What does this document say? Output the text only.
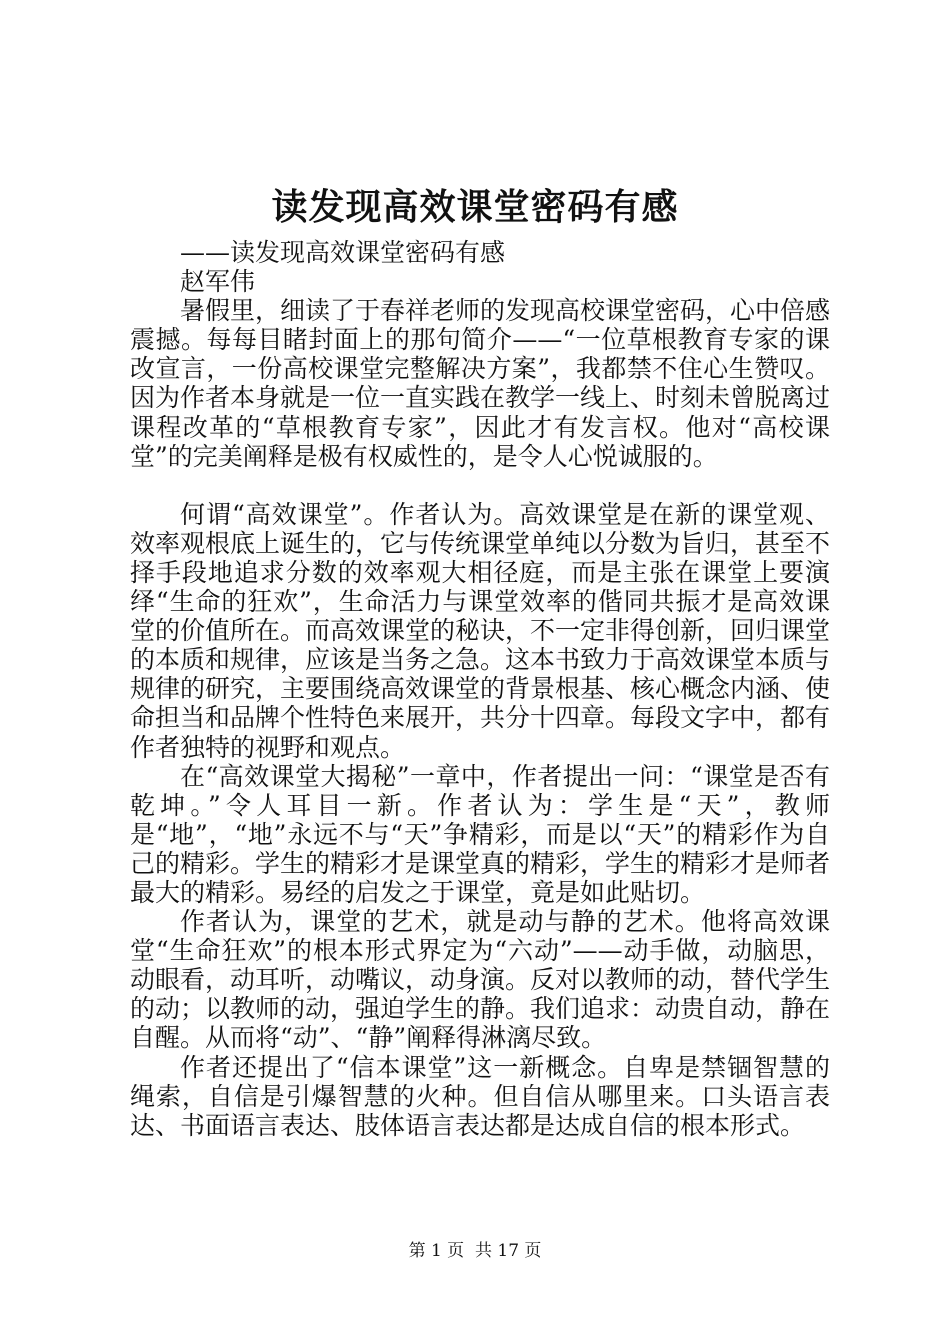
读发现高效课堂密码有感

——读发现高效课堂密码有感

赵军伟

暑假里，细读了于春祥老师的发现高校课堂密码，心中倍感震撼。每每目睹封面上的那句简介——“一位草根教育专家的课改宣言，一份高校课堂完整解决方案”，我都禁不住心生赞叹。因为作者本身就是一位一直实践在教学一线上、时刻未曾脱离过课程改革的“草根教育专家”，因此才有发言权。他对“高校课堂”的完美阐释是极有权威性的，是令人心悦诚服的。

何谓“高效课堂”。作者认为。高效课堂是在新的课堂观、效率观根底上诞生的，它与传统课堂单纯以分数为旨归，甚至不择手段地追求分数的效率观大相径庭，而是主张在课堂上要演绎“生命的狂欢”，生命活力与课堂效率的偕同共振才是高效课堂的价值所在。而高效课堂的秘诀，不一定非得创新，回归课堂的本质和规律，应该是当务之急。这本书致力于高效课堂本质与规律的研究，主要围绕高效课堂的背景根基、核心概念内涵、使命担当和品牌个性特色来展开，共分十四章。每段文字中，都有作者独特的视野和观点。

在“高效课堂大揭秘”一章中，作者提出一问：“课堂是否有乾坤。”令人耳目一新。作者认为：学生是“天”，教师是“地”，“地”永远不与“天”争精彩，而是以“天”的精彩作为自己的精彩。学生的精彩才是课堂真的精彩，学生的精彩才是师者最大的精彩。易经的启发之于课堂，竟是如此贴切。

作者认为，课堂的艺术，就是动与静的艺术。他将高效课堂“生命狂欢”的根本形式界定为“六动”——动手做，动脑思，动眼看，动耳听，动嘴议，动身演。反对以教师的动，替代学生的动；以教师的动，强迫学生的静。我们追求：动贵自动，静在自醒。从而将“动”、“静”阐释得淋漓尽致。

作者还提出了“信本课堂”这一新概念。自卑是禁锢智慧的绳索，自信是引爆智慧的火种。但自信从哪里来。口头语言表达、书面语言表达、肢体语言表达都是达成自信的根本形式。

第 1 页  共 17 页
